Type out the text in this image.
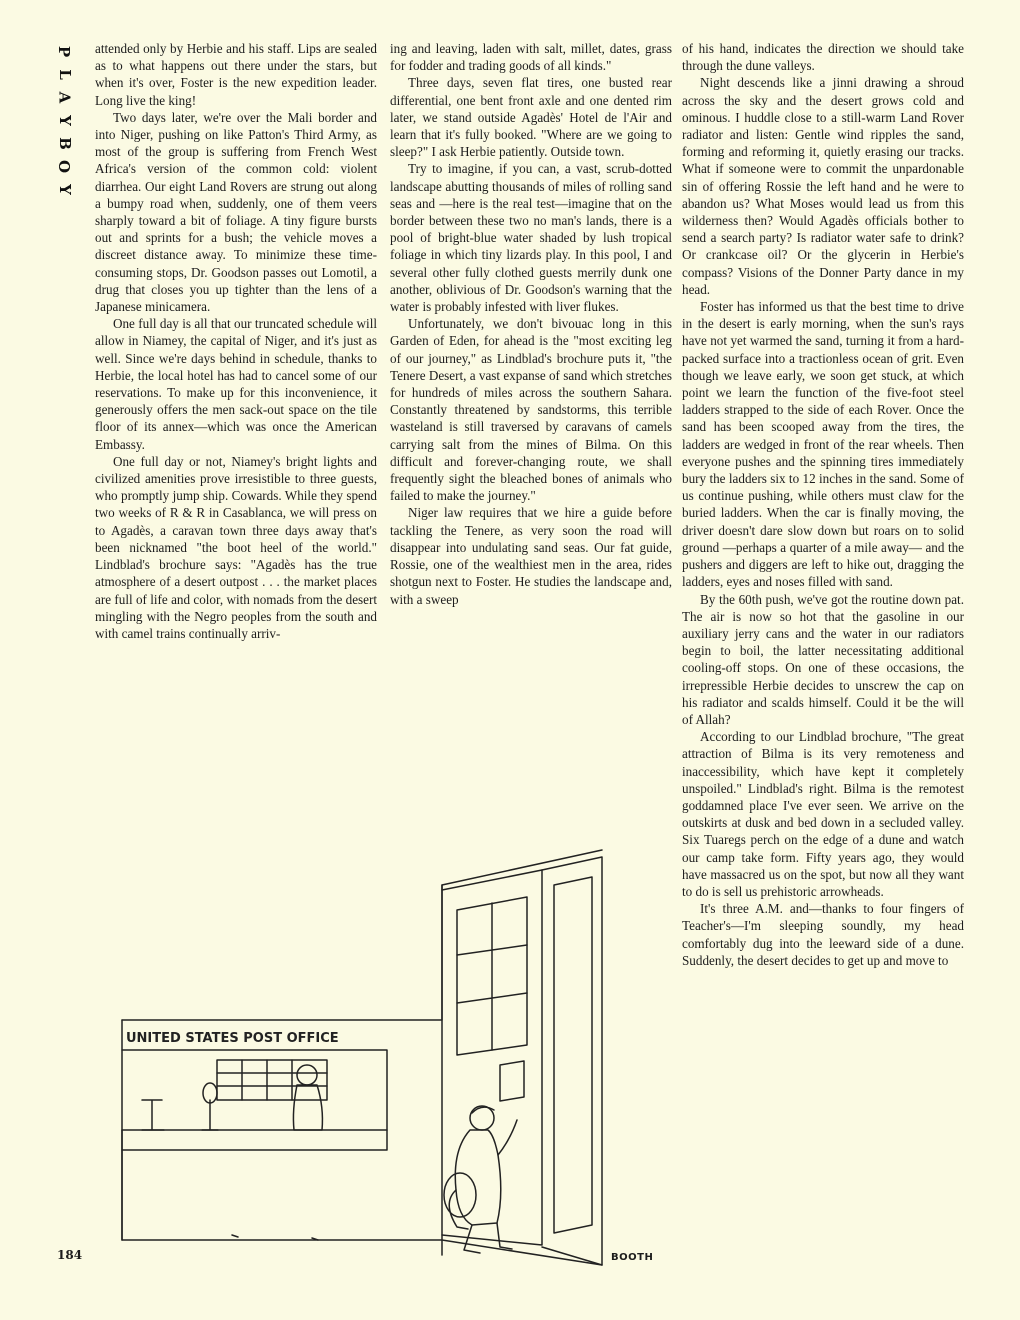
P
L
A
Y
B
O
Y

attended only by Herbie and his staff. Lips are sealed as to what happens out there under the stars, but when it's over, Foster is the new expedition leader. Long live the king!

Two days later, we're over the Mali border and into Niger, pushing on like Patton's Third Army, as most of the group is suffering from French West Africa's version of the common cold: violent diarrhea. Our eight Land Rovers are strung out along a bumpy road when, suddenly, one of them veers sharply toward a bit of foliage. A tiny figure bursts out and sprints for a bush; the vehicle moves a discreet distance away. To minimize these time-consuming stops, Dr. Goodson passes out Lomotil, a drug that closes you up tighter than the lens of a Japanese minicamera.

One full day is all that our truncated schedule will allow in Niamey, the capital of Niger, and it's just as well. Since we're days behind in schedule, thanks to Herbie, the local hotel has had to cancel some of our reservations. To make up for this inconvenience, it generously offers the men sack-out space on the tile floor of its annex—which was once the American Embassy.

One full day or not, Niamey's bright lights and civilized amenities prove irresistible to three guests, who promptly jump ship. Cowards. While they spend two weeks of R & R in Casablanca, we will press on to Agadès, a caravan town three days away that's been nicknamed "the boot heel of the world." Lindblad's brochure says: "Agadès has the true atmosphere of a desert outpost . . . the market places are full of life and color, with nomads from the desert mingling with the Negro peoples from the south and with camel trains continually arriv-

ing and leaving, laden with salt, millet, dates, grass for fodder and trading goods of all kinds."

Three days, seven flat tires, one busted rear differential, one bent front axle and one dented rim later, we stand outside Agadès' Hotel de l'Air and learn that it's fully booked. "Where are we going to sleep?" I ask Herbie patiently. Outside town.

Try to imagine, if you can, a vast, scrub-dotted landscape abutting thousands of miles of rolling sand seas and —here is the real test—imagine that on the border between these two no man's lands, there is a pool of bright-blue water shaded by lush tropical foliage in which tiny lizards play. In this pool, I and several other fully clothed guests merrily dunk one another, oblivious of Dr. Goodson's warning that the water is probably infested with liver flukes.

Unfortunately, we don't bivouac long in this Garden of Eden, for ahead is the "most exciting leg of our journey," as Lindblad's brochure puts it, "the Tenere Desert, a vast expanse of sand which stretches for hundreds of miles across the southern Sahara. Constantly threatened by sandstorms, this terrible wasteland is still traversed by caravans of camels carrying salt from the mines of Bilma. On this difficult and forever-changing route, we shall frequently sight the bleached bones of animals who failed to make the journey."

Niger law requires that we hire a guide before tackling the Tenere, as very soon the road will disappear into undulating sand seas. Our fat guide, Rossie, one of the wealthiest men in the area, rides shotgun next to Foster. He studies the landscape and, with a sweep

of his hand, indicates the direction we should take through the dune valleys.

Night descends like a jinni drawing a shroud across the sky and the desert grows cold and ominous. I huddle close to a still-warm Land Rover radiator and listen: Gentle wind ripples the sand, forming and reforming it, quietly erasing our tracks. What if someone were to commit the unpardonable sin of offering Rossie the left hand and he were to abandon us? What Moses would lead us from this wilderness then? Would Agadès officials bother to send a search party? Is radiator water safe to drink? Or crankcase oil? Or the glycerin in Herbie's compass? Visions of the Donner Party dance in my head.

Foster has informed us that the best time to drive in the desert is early morning, when the sun's rays have not yet warmed the sand, turning it from a hard-packed surface into a tractionless ocean of grit. Even though we leave early, we soon get stuck, at which point we learn the function of the five-foot steel ladders strapped to the side of each Rover. Once the sand has been scooped away from the tires, the ladders are wedged in front of the rear wheels. Then everyone pushes and the spinning tires immediately bury the ladders six to 12 inches in the sand. Some of us continue pushing, while others must claw for the buried ladders. When the car is finally moving, the driver doesn't dare slow down but roars on to solid ground —perhaps a quarter of a mile away— and the pushers and diggers are left to hike out, dragging the ladders, eyes and noses filled with sand.

By the 60th push, we've got the routine down pat. The air is now so hot that the gasoline in our auxiliary jerry cans and the water in our radiators begin to boil, the latter necessitating additional cooling-off stops. On one of these occasions, the irrepressible Herbie decides to unscrew the cap on his radiator and scalds himself. Could it be the will of Allah?

According to our Lindblad brochure, "The great attraction of Bilma is its very remoteness and inaccessibility, which have kept it completely unspoiled." Lindblad's right. Bilma is the remotest goddamned place I've ever seen. We arrive on the outskirts at dusk and bed down in a secluded valley. Six Tuaregs perch on the edge of a dune and watch our camp take form. Fifty years ago, they would have massacred us on the spot, but now all they want to do is sell us prehistoric arrowheads.

It's three A.M. and—thanks to four fingers of Teacher's—I'm sleeping soundly, my head comfortably dug into the leeward side of a dune. Suddenly, the desert decides to get up and move to

UNITED STATES POST OFFICE
BOOTH
184
